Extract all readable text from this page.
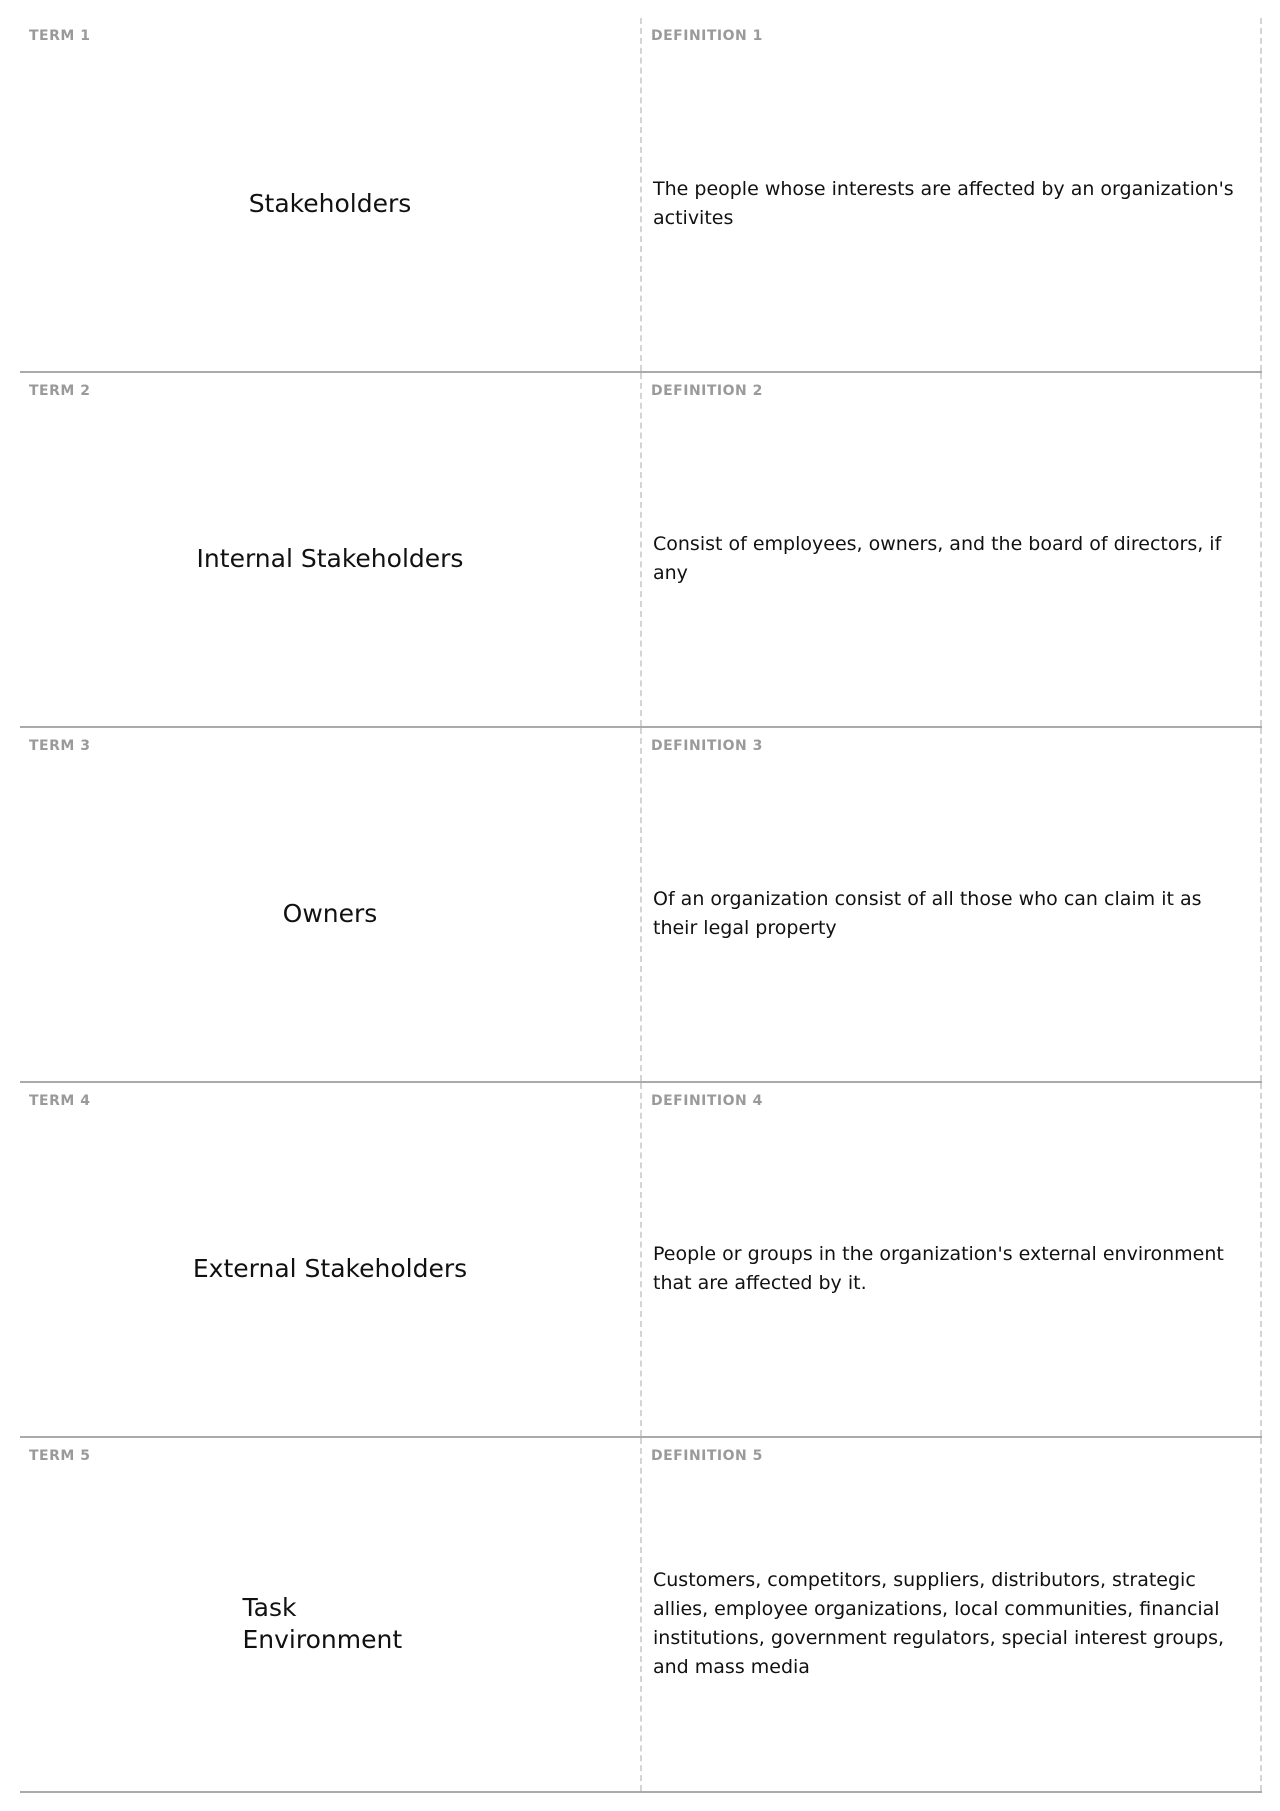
TERM 1
Stakeholders
DEFINITION 1
The people whose interests are affected by an organization's activites
TERM 2
Internal Stakeholders
DEFINITION 2
Consist of employees, owners, and the board of directors, if any
TERM 3
Owners
DEFINITION 3
Of an organization consist of all those who can claim it as their legal property
TERM 4
External Stakeholders
DEFINITION 4
People or groups in the organization's external environment that are affected by it.
TERM 5
Task Environment
DEFINITION 5
Customers, competitors, suppliers, distributors, strategic allies, employee organizations, local communities, financial institutions, government regulators, special interest groups, and mass media
